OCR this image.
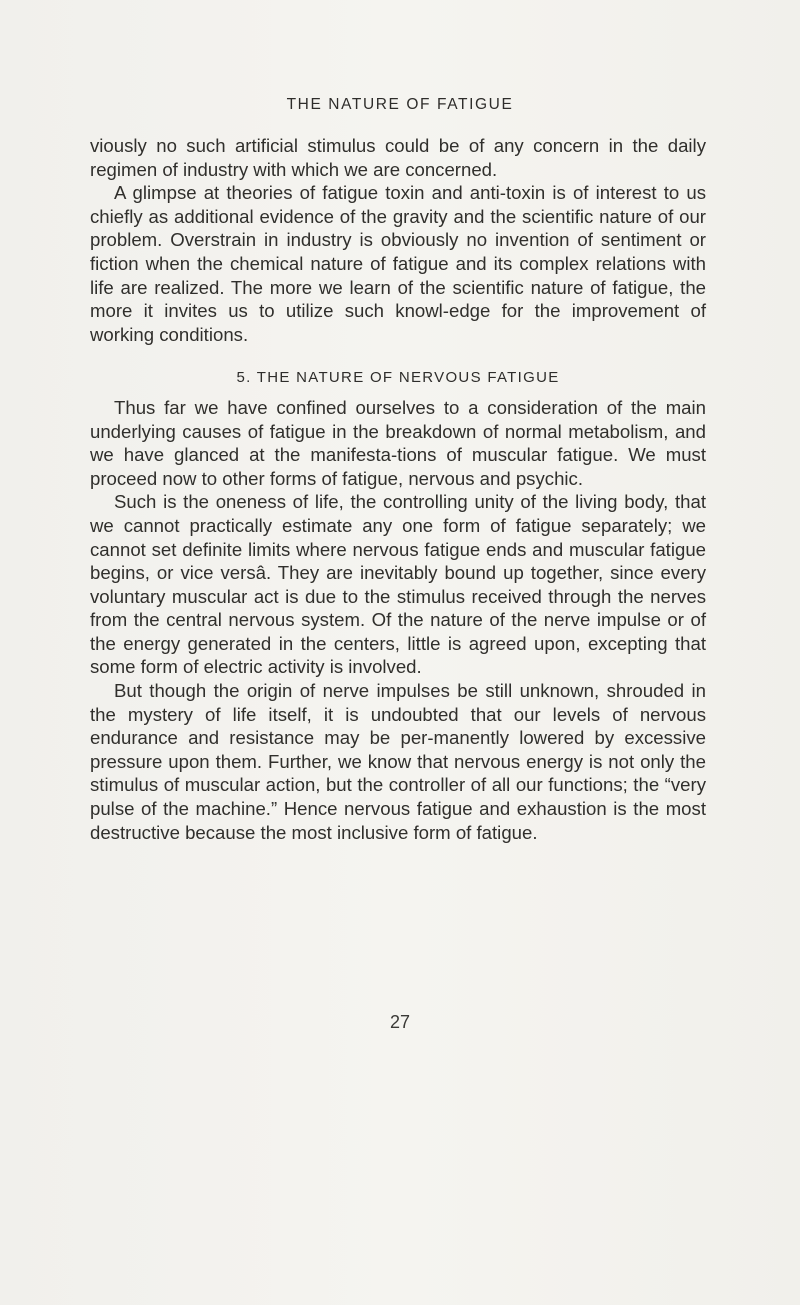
THE NATURE OF FATIGUE

viously no such artificial stimulus could be of any concern in the daily regimen of industry with which we are concerned.

A glimpse at theories of fatigue toxin and anti-toxin is of interest to us chiefly as additional evidence of the gravity and the scientific nature of our problem. Overstrain in industry is obviously no invention of sentiment or fiction when the chemical nature of fatigue and its complex relations with life are realized. The more we learn of the scientific nature of fatigue, the more it invites us to utilize such knowl-edge for the improvement of working conditions.

5. THE NATURE OF NERVOUS FATIGUE

Thus far we have confined ourselves to a consideration of the main underlying causes of fatigue in the breakdown of normal metabolism, and we have glanced at the manifesta-tions of muscular fatigue. We must proceed now to other forms of fatigue, nervous and psychic.

Such is the oneness of life, the controlling unity of the living body, that we cannot practically estimate any one form of fatigue separately; we cannot set definite limits where nervous fatigue ends and muscular fatigue begins, or vice versâ. They are inevitably bound up together, since every voluntary muscular act is due to the stimulus received through the nerves from the central nervous system. Of the nature of the nerve impulse or of the energy generated in the centers, little is agreed upon, excepting that some form of electric activity is involved.

But though the origin of nerve impulses be still unknown, shrouded in the mystery of life itself, it is undoubted that our levels of nervous endurance and resistance may be per-manently lowered by excessive pressure upon them. Further, we know that nervous energy is not only the stimulus of muscular action, but the controller of all our functions; the “very pulse of the machine.” Hence nervous fatigue and exhaustion is the most destructive because the most inclusive form of fatigue.

27
